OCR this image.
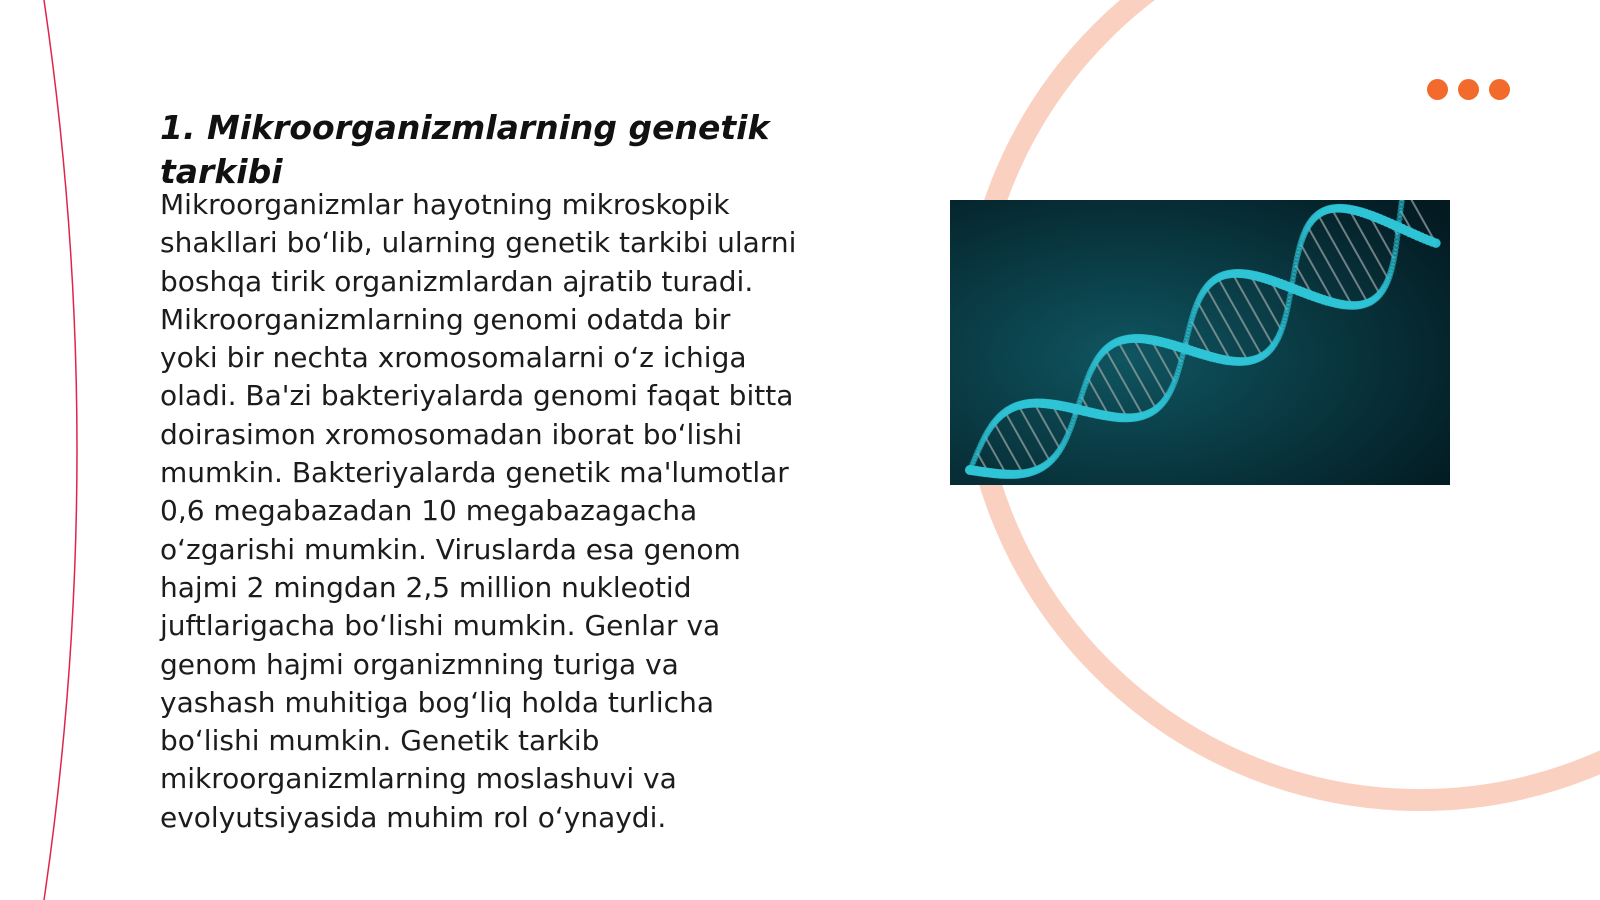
1. Mikroorganizmlarning genetik tarkibi

Mikroorganizmlar hayotning mikroskopik
shakllari boʻlib, ularning genetik tarkibi ularni
boshqa tirik organizmlardan ajratib turadi.
Mikroorganizmlarning genomi odatda bir
yoki bir nechta xromosomalarni oʻz ichiga
oladi. Ba'zi bakteriyalarda genomi faqat bitta
doirasimon xromosomadan iborat boʻlishi
mumkin. Bakteriyalarda genetik ma'lumotlar
0,6 megabazadan 10 megabazagacha
oʻzgarishi mumkin. Viruslarda esa genom
hajmi 2 mingdan 2,5 million nukleotid
juftlarigacha boʻlishi mumkin. Genlar va
genom hajmi organizmning turiga va
yashash muhitiga bogʻliq holda turlicha
boʻlishi mumkin. Genetik tarkib
mikroorganizmlarning moslashuvi va
evolyutsiyasida muhim rol oʻynaydi.
